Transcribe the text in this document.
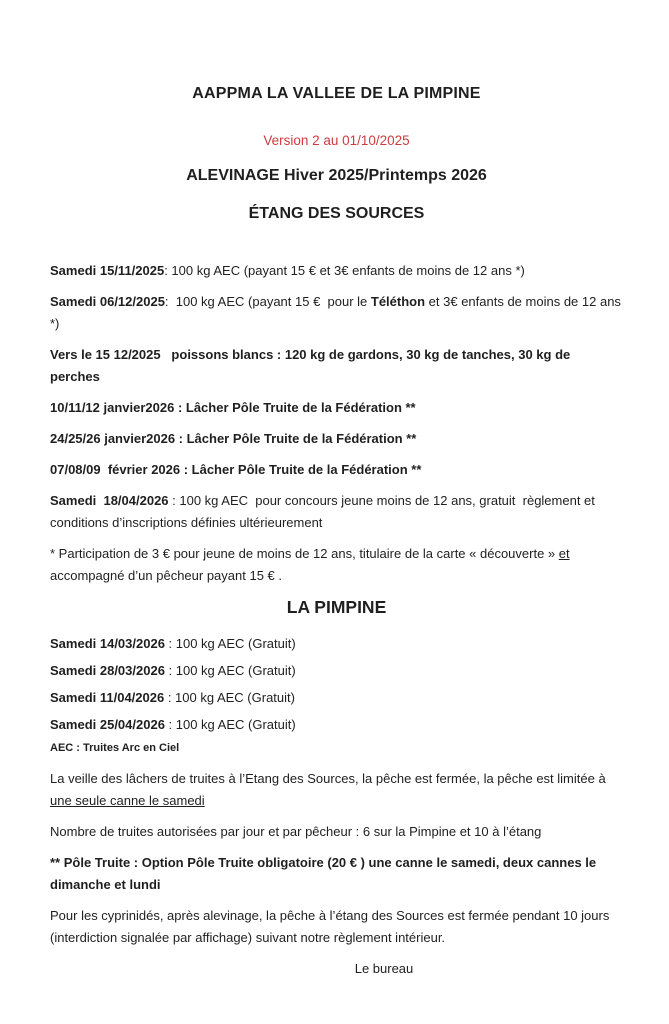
AAPPMA LA VALLEE DE LA PIMPINE

Version 2 au 01/10/2025

ALEVINAGE Hiver 2025/Printemps 2026

ÉTANG DES SOURCES

Samedi 15/11/2025: 100 kg AEC (payant 15 € et 3€ enfants de moins de 12 ans *)

Samedi 06/12/2025:  100 kg AEC (payant 15 €  pour le Téléthon et 3€ enfants de moins de 12 ans *)

Vers le 15 12/2025   poissons blancs : 120 kg de gardons, 30 kg de tanches, 30 kg de perches

10/11/12 janvier2026 : Lâcher Pôle Truite de la Fédération **

24/25/26 janvier2026 : Lâcher Pôle Truite de la Fédération **

07/08/09  février 2026 : Lâcher Pôle Truite de la Fédération **

Samedi  18/04/2026 : 100 kg AEC  pour concours jeune moins de 12 ans, gratuit  règlement et conditions d’inscriptions définies ultérieurement

* Participation de 3 € pour jeune de moins de 12 ans, titulaire de la carte « découverte » et accompagné d’un pêcheur payant 15 € .

LA PIMPINE

Samedi 14/03/2026 : 100 kg AEC (Gratuit)

Samedi 28/03/2026 : 100 kg AEC (Gratuit)

Samedi 11/04/2026 : 100 kg AEC (Gratuit)

Samedi 25/04/2026 : 100 kg AEC (Gratuit)

AEC : Truites Arc en Ciel

La veille des lâchers de truites à l’Etang des Sources, la pêche est fermée, la pêche est limitée à une seule canne le samedi

Nombre de truites autorisées par jour et par pêcheur : 6 sur la Pimpine et 10 à l’étang

** Pôle Truite : Option Pôle Truite obligatoire (20 € ) une canne le samedi, deux cannes le dimanche et lundi

Pour les cyprinidés, après alevinage, la pêche à l’étang des Sources est fermée pendant 10 jours (interdiction signalée par affichage) suivant notre règlement intérieur.

Le bureau
